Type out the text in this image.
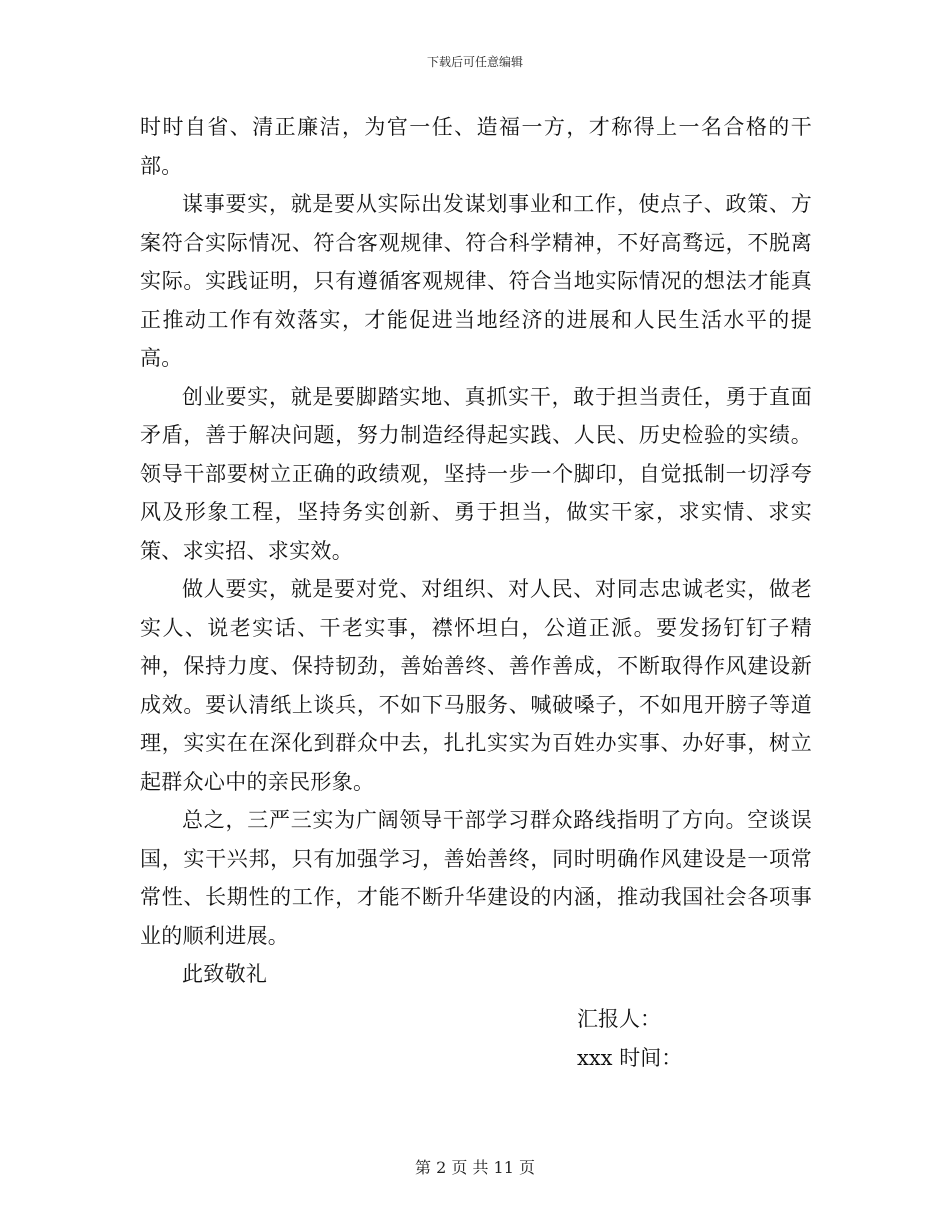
下载后可任意编辑

时时自省、清正廉洁，为官一任、造福一方，才称得上一名合格的干部。

谋事要实，就是要从实际出发谋划事业和工作，使点子、政策、方案符合实际情况、符合客观规律、符合科学精神，不好高骛远，不脱离实际。实践证明，只有遵循客观规律、符合当地实际情况的想法才能真正推动工作有效落实，才能促进当地经济的进展和人民生活水平的提高。

创业要实，就是要脚踏实地、真抓实干，敢于担当责任，勇于直面矛盾，善于解决问题，努力制造经得起实践、人民、历史检验的实绩。领导干部要树立正确的政绩观，坚持一步一个脚印，自觉抵制一切浮夸风及形象工程，坚持务实创新、勇于担当，做实干家，求实情、求实策、求实招、求实效。

做人要实，就是要对党、对组织、对人民、对同志忠诚老实，做老实人、说老实话、干老实事，襟怀坦白，公道正派。要发扬钉钉子精神，保持力度、保持韧劲，善始善终、善作善成，不断取得作风建设新成效。要认清纸上谈兵，不如下马服务、喊破嗓子，不如甩开膀子等道理，实实在在深化到群众中去，扎扎实实为百姓办实事、办好事，树立起群众心中的亲民形象。

总之，三严三实为广阔领导干部学习群众路线指明了方向。空谈误国，实干兴邦，只有加强学习，善始善终，同时明确作风建设是一项常常性、长期性的工作，才能不断升华建设的内涵，推动我国社会各项事业的顺利进展。

此致敬礼

汇报人：
xxx 时间：
第 2 页 共 11 页
